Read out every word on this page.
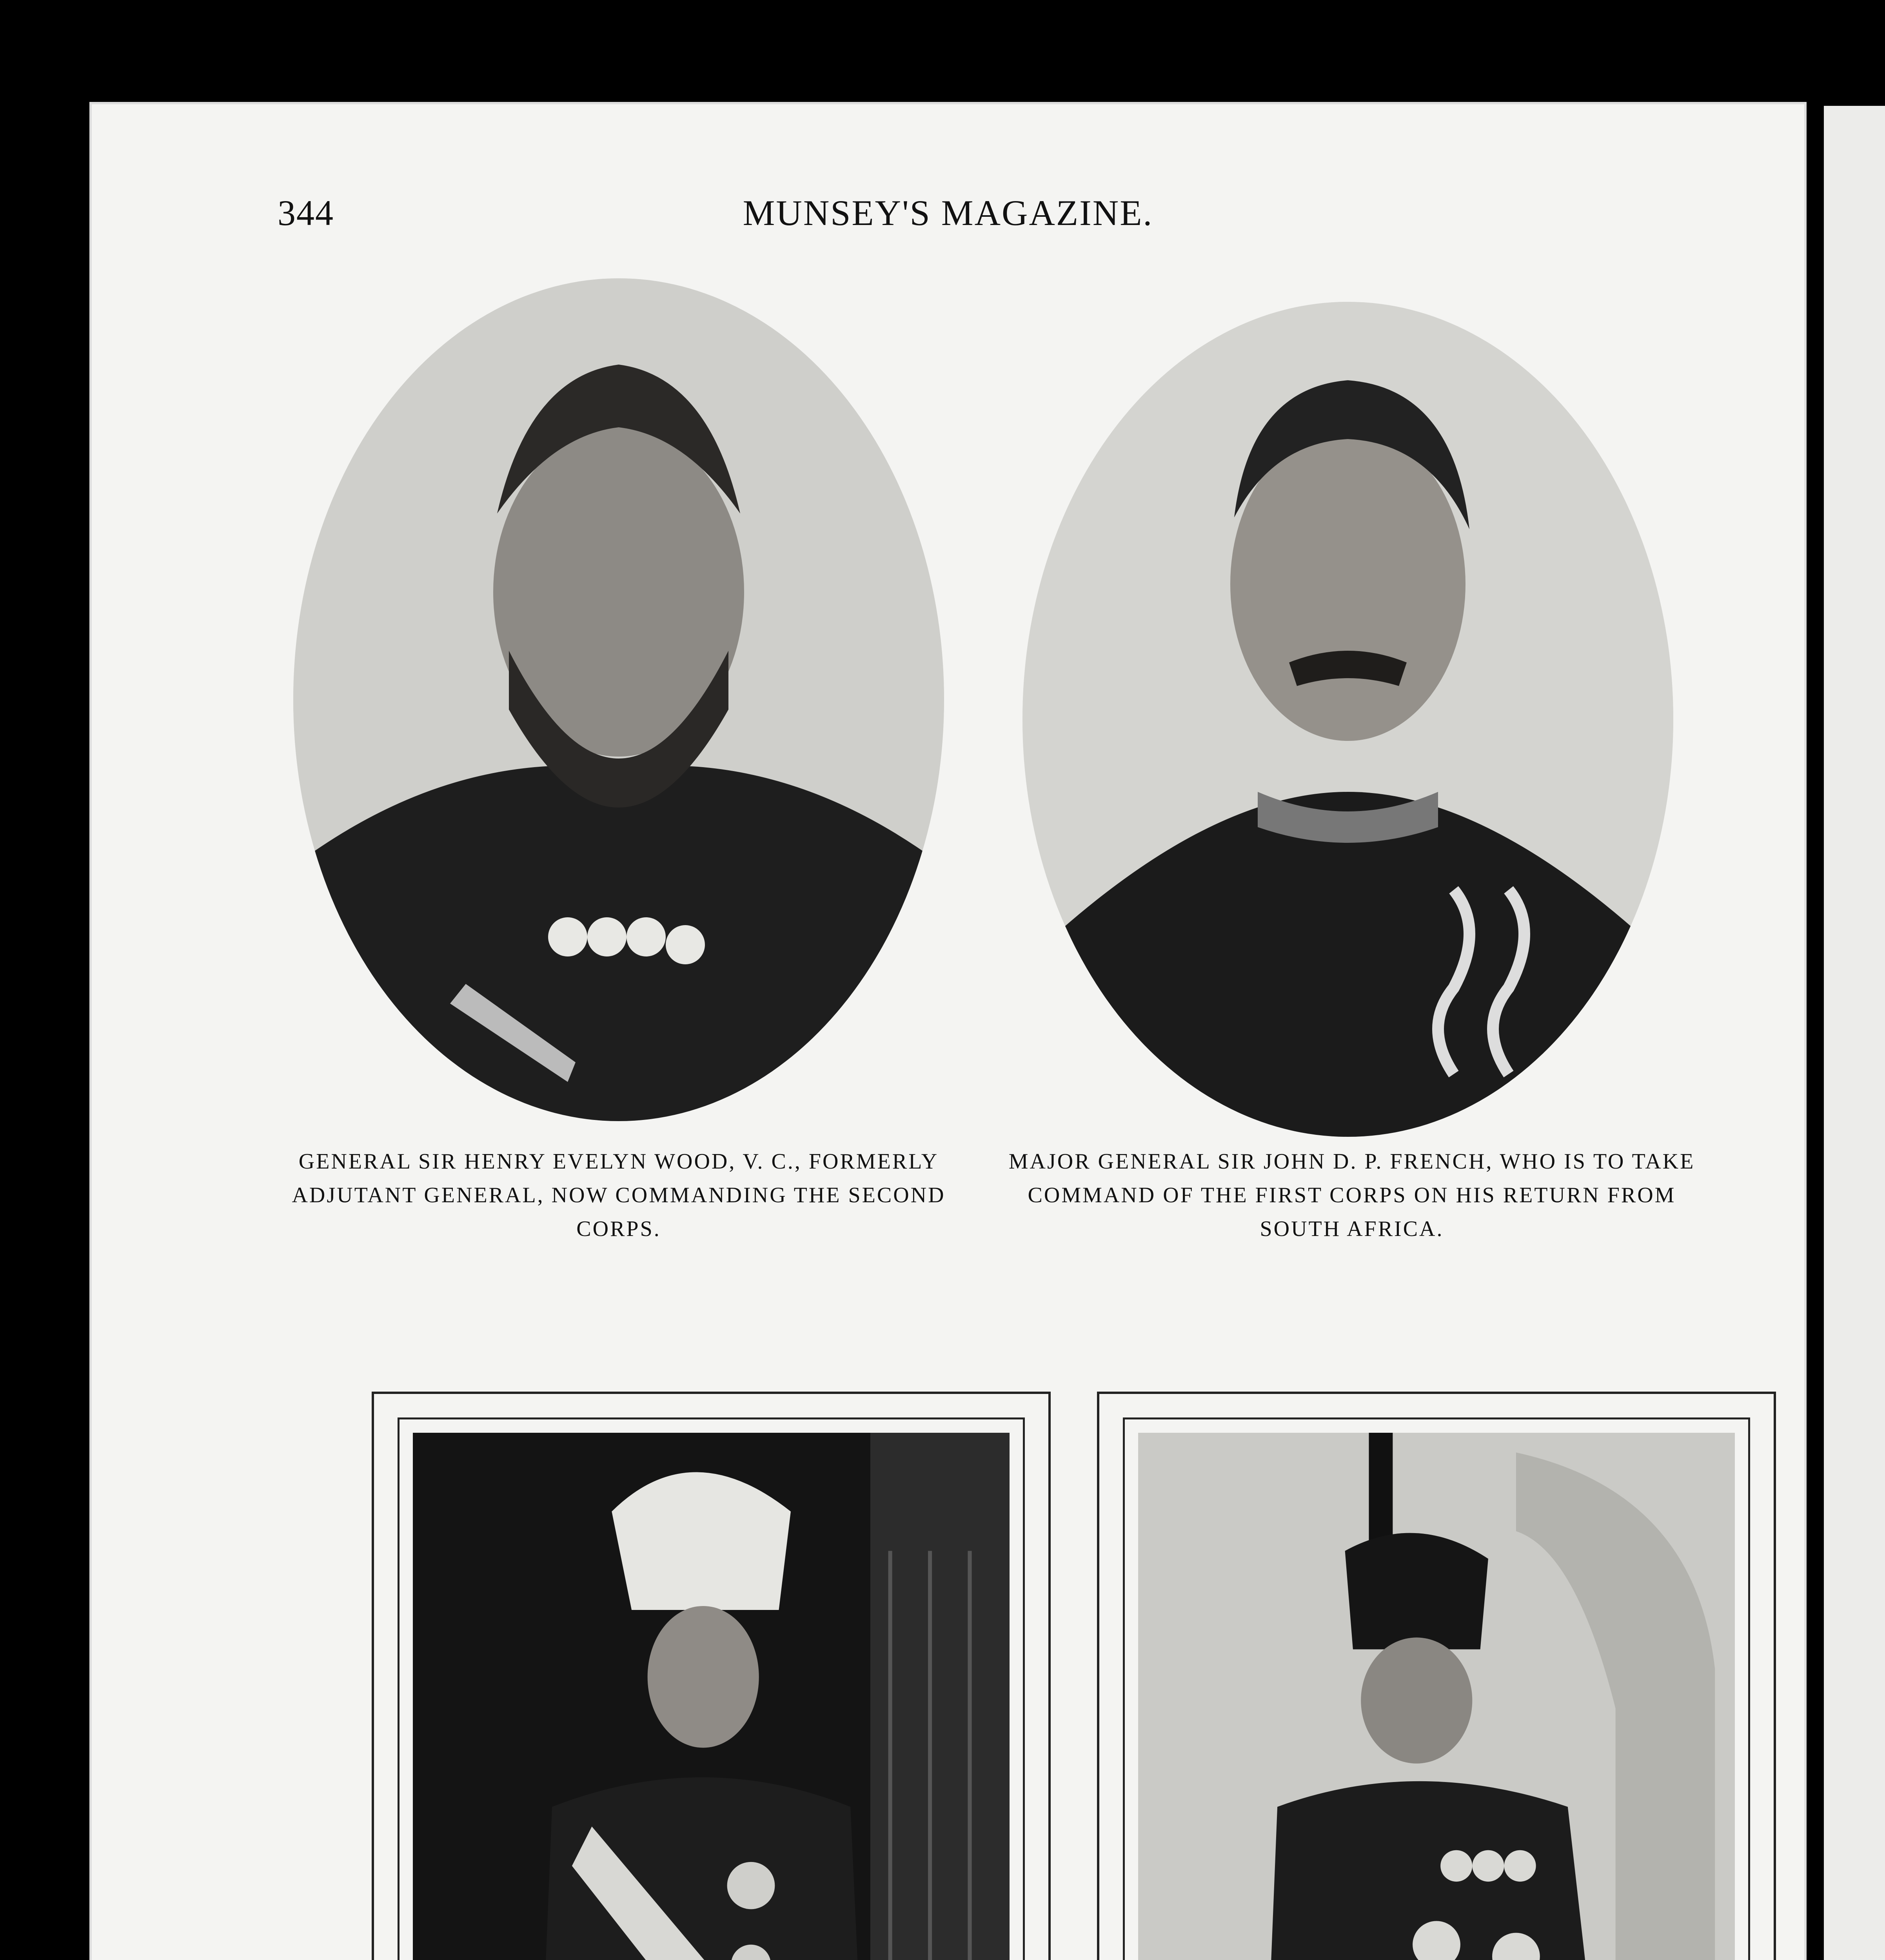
344	MUNSEY'S MAGAZINE.
GENERAL SIR HENRY EVELYN WOOD, V. C., FORMERLY ADJUTANT GENERAL, NOW COMMANDING THE SECOND CORPS.
MAJOR GENERAL SIR JOHN D. P. FRENCH, WHO IS TO TAKE COMMAND OF THE FIRST CORPS ON HIS RETURN FROM SOUTH AFRICA.
